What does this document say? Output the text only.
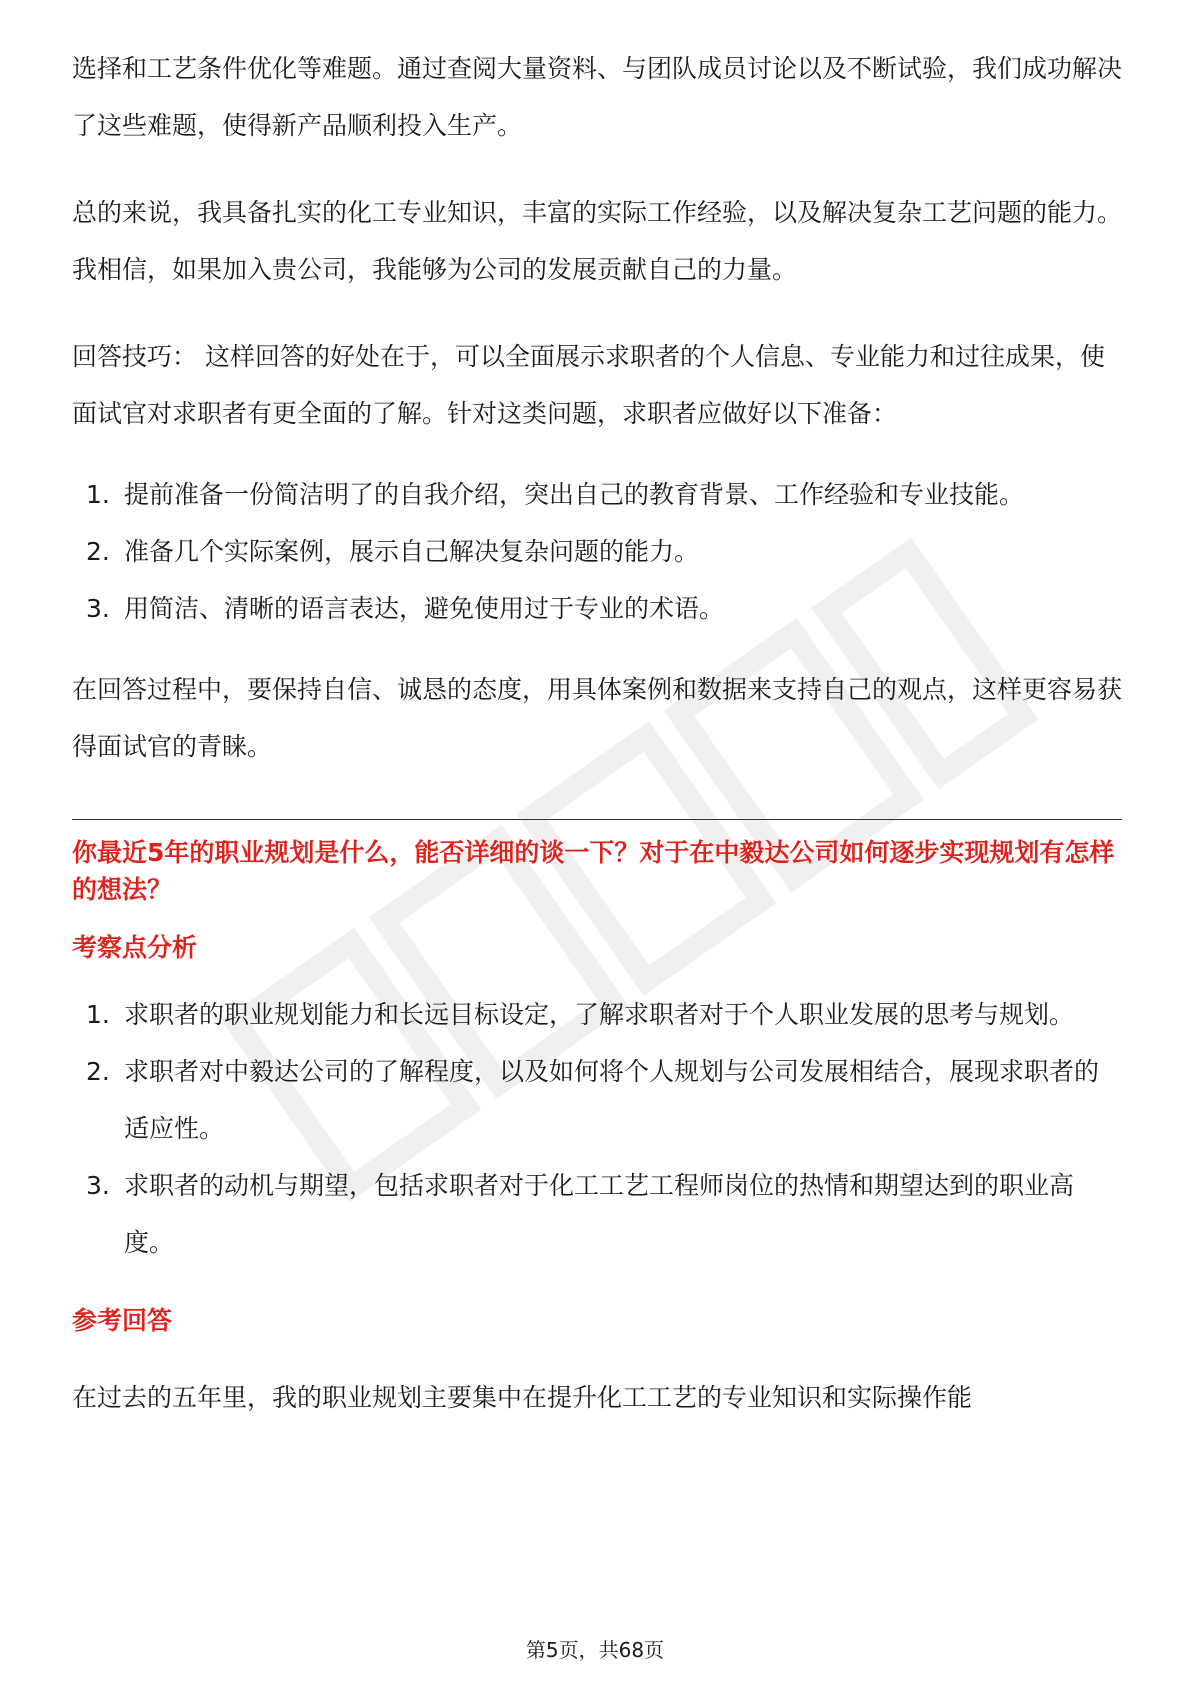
选择和工艺条件优化等难题。通过查阅大量资料、与团队成员讨论以及不断试验，我们成功解决了这些难题，使得新产品顺利投入生产。

总的来说，我具备扎实的化工专业知识，丰富的实际工作经验，以及解决复杂工艺问题的能力。我相信，如果加入贵公司，我能够为公司的发展贡献自己的力量。

回答技巧： 这样回答的好处在于，可以全面展示求职者的个人信息、专业能力和过往成果，使面试官对求职者有更全面的了解。针对这类问题，求职者应做好以下准备：

1. 提前准备一份简洁明了的自我介绍，突出自己的教育背景、工作经验和专业技能。
2. 准备几个实际案例，展示自己解决复杂问题的能力。
3. 用简洁、清晰的语言表达，避免使用过于专业的术语。

在回答过程中，要保持自信、诚恳的态度，用具体案例和数据来支持自己的观点，这样更容易获得面试官的青睐。

你最近5年的职业规划是什么，能否详细的谈一下？对于在中毅达公司如何逐步实现规划有怎样的想法？

考察点分析

1. 求职者的职业规划能力和长远目标设定，了解求职者对于个人职业发展的思考与规划。
2. 求职者对中毅达公司的了解程度，以及如何将个人规划与公司发展相结合，展现求职者的适应性。
3. 求职者的动机与期望，包括求职者对于化工工艺工程师岗位的热情和期望达到的职业高度。

参考回答

在过去的五年里，我的职业规划主要集中在提升化工工艺的专业知识和实际操作能

第5页，共68页
